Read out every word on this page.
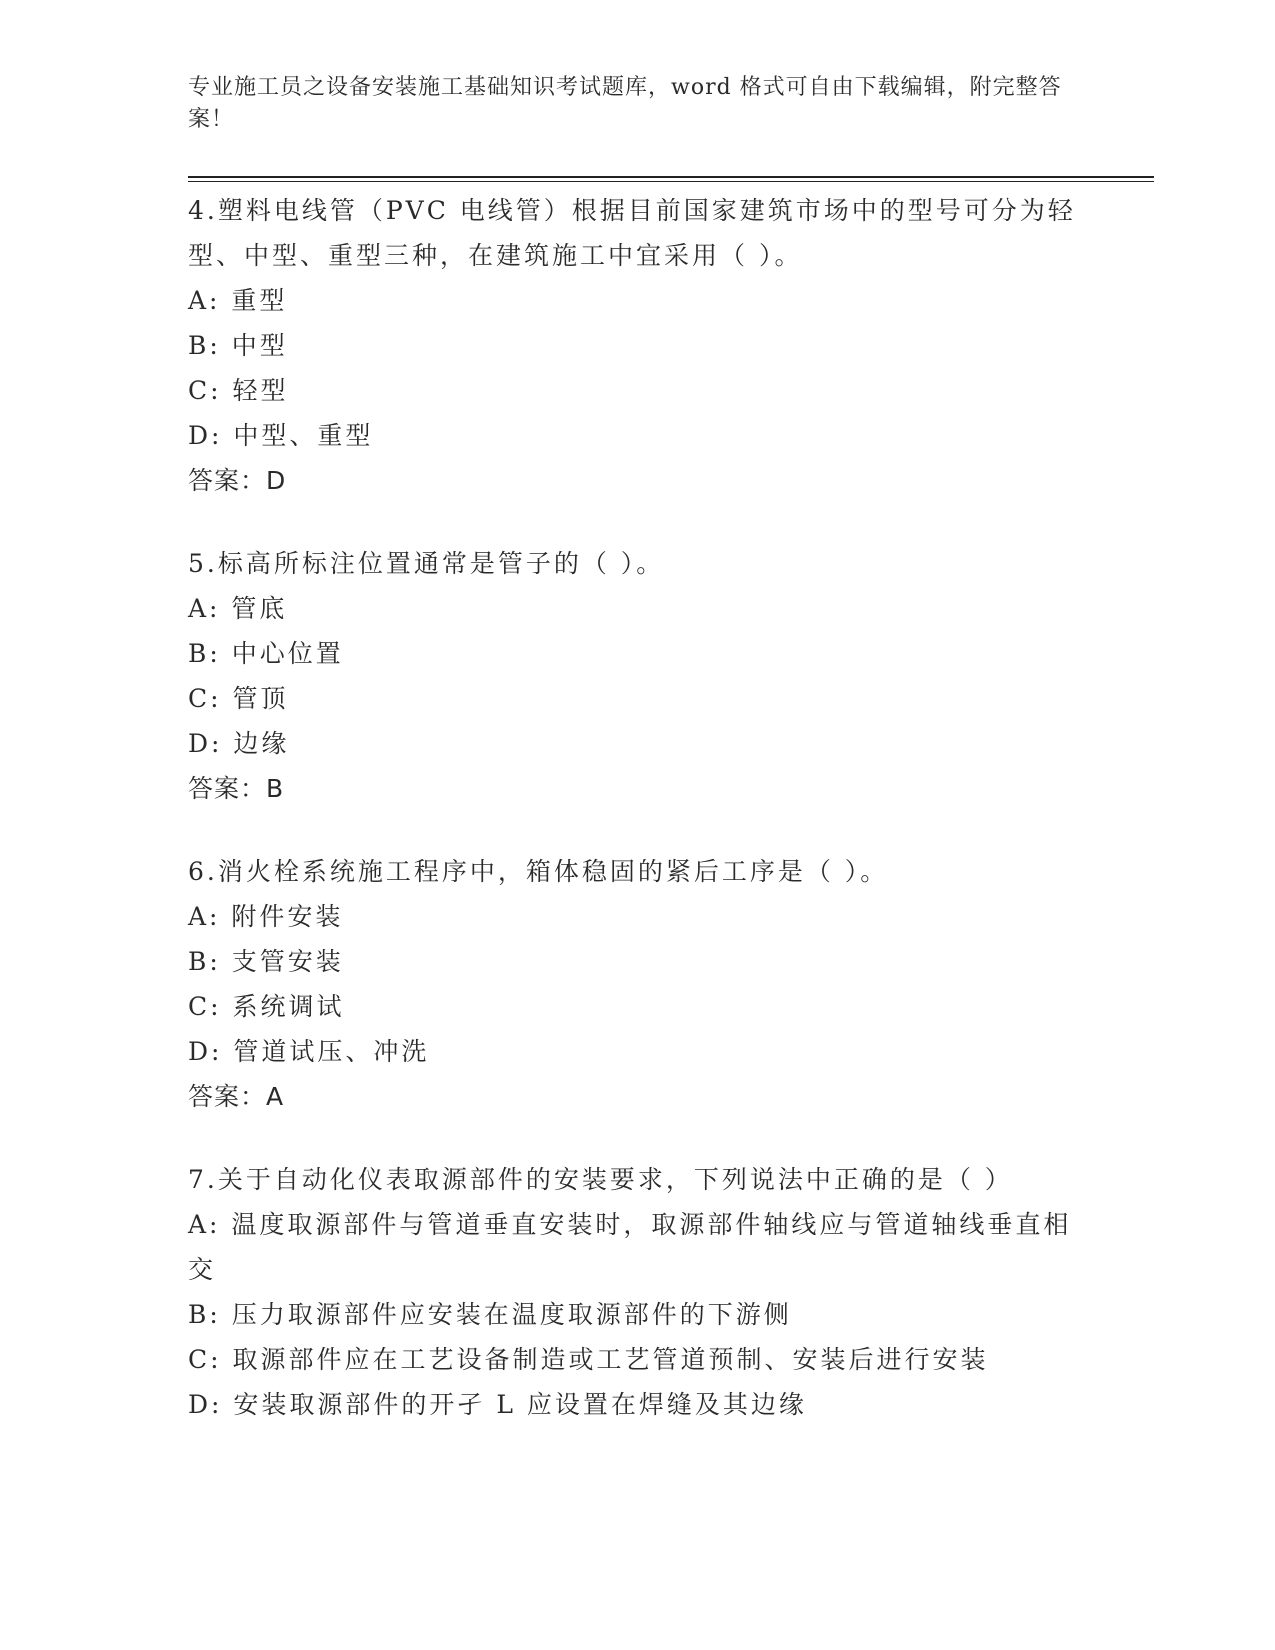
专业施工员之设备安装施工基础知识考试题库，word 格式可自由下载编辑，附完整答案！

4.塑料电线管（PVC 电线管）根据目前国家建筑市场中的型号可分为轻型、中型、重型三种，在建筑施工中宜采用（ ）。

A: 重型

B: 中型

C: 轻型

D: 中型、重型

答案：D

5.标高所标注位置通常是管子的（ ）。

A: 管底

B: 中心位置

C: 管顶

D: 边缘

答案：B

6.消火栓系统施工程序中，箱体稳固的紧后工序是（ ）。

A: 附件安装

B: 支管安装

C: 系统调试

D: 管道试压、冲洗

答案：A

7.关于自动化仪表取源部件的安装要求，下列说法中正确的是（ ）

A: 温度取源部件与管道垂直安装时，取源部件轴线应与管道轴线垂直相交

B: 压力取源部件应安装在温度取源部件的下游侧

C: 取源部件应在工艺设备制造或工艺管道预制、安装后进行安装

D: 安装取源部件的开孑 L 应设置在焊缝及其边缘
